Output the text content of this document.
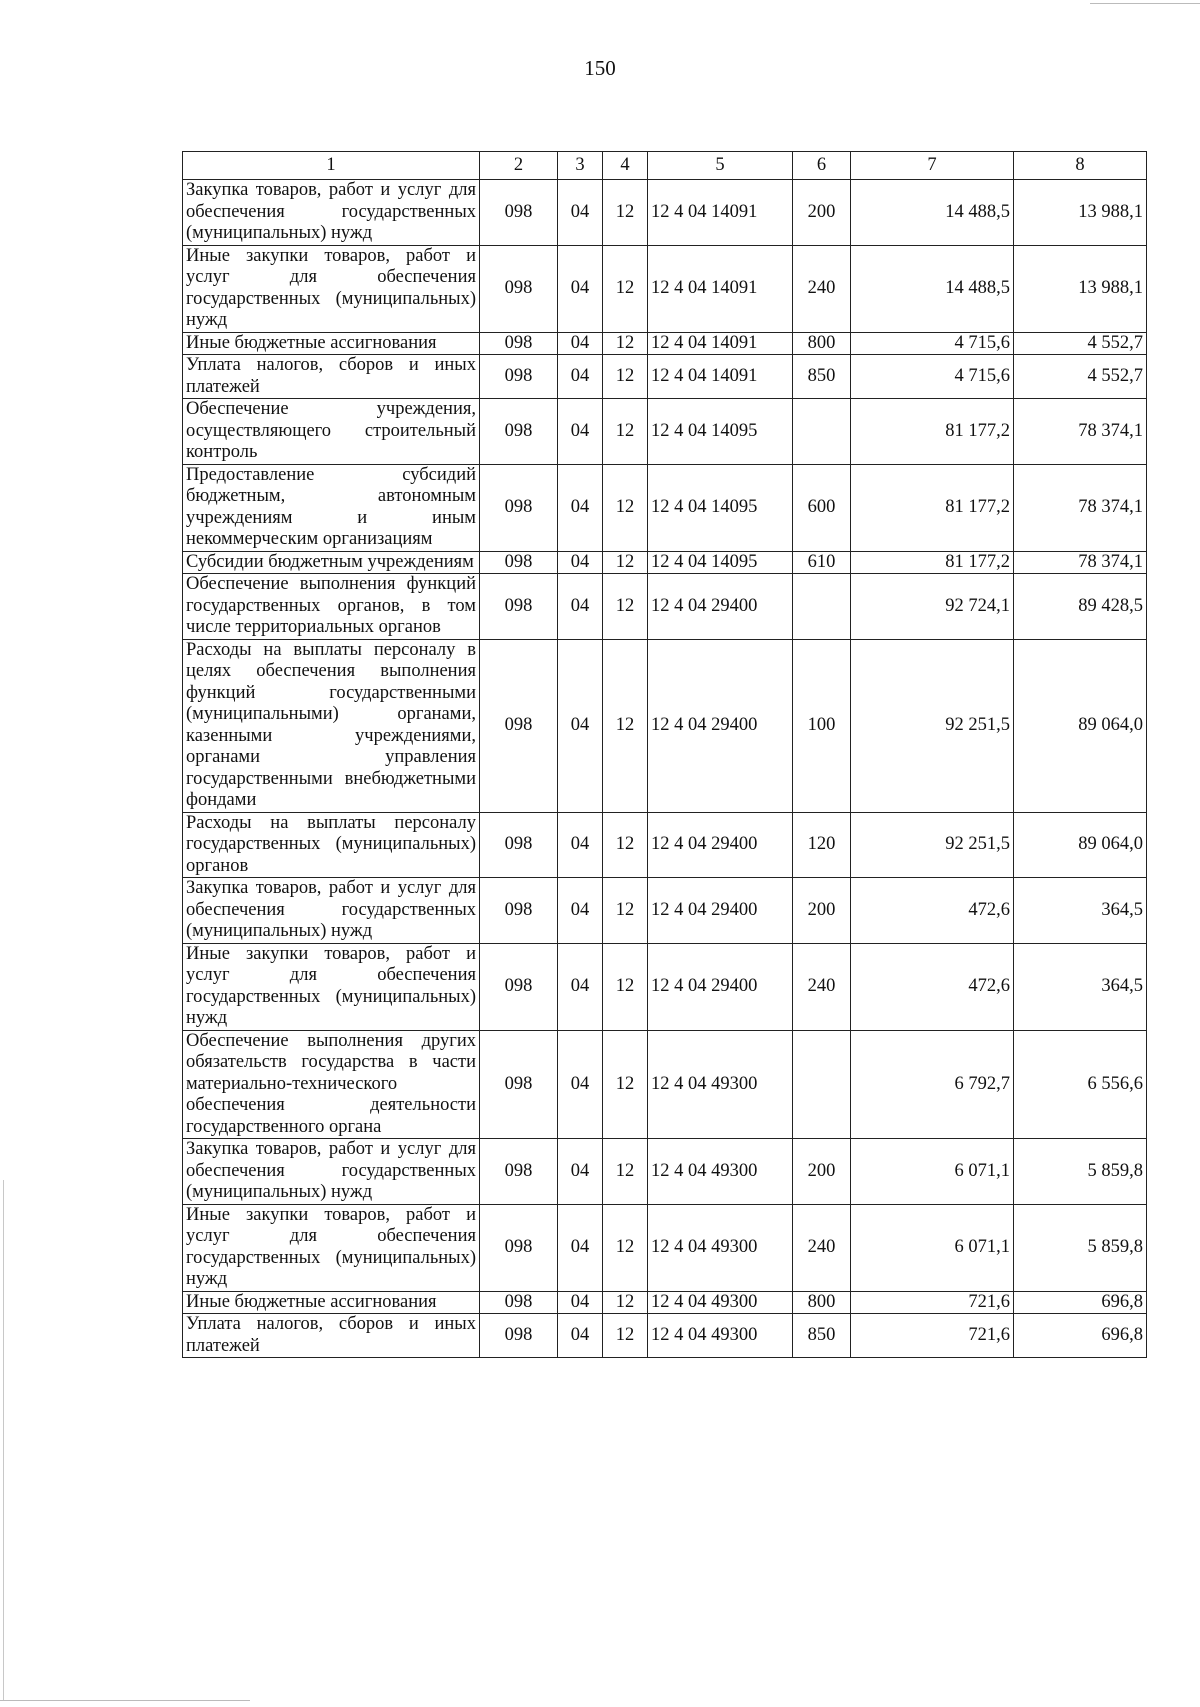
150
1	2	3	4	5	6	7	8
Закупка товаров, работ и услуг для обеспечения государственных (муниципальных) нужд	098	04	12	12 4 04 14091	200	14 488,5	13 988,1
Иные закупки товаров, работ и услуг для обеспечения государственных (муниципальных) нужд	098	04	12	12 4 04 14091	240	14 488,5	13 988,1
Иные бюджетные ассигнования	098	04	12	12 4 04 14091	800	4 715,6	4 552,7
Уплата налогов, сборов и иных платежей	098	04	12	12 4 04 14091	850	4 715,6	4 552,7
Обеспечение учреждения, осуществляющего строительный контроль	098	04	12	12 4 04 14095		81 177,2	78 374,1
Предоставление субсидий бюджетным, автономным учреждениям и иным некоммерческим организациям	098	04	12	12 4 04 14095	600	81 177,2	78 374,1
Субсидии бюджетным учреждениям	098	04	12	12 4 04 14095	610	81 177,2	78 374,1
Обеспечение выполнения функций государственных органов, в том числе территориальных органов	098	04	12	12 4 04 29400		92 724,1	89 428,5
Расходы на выплаты персоналу в целях обеспечения выполнения функций государственными (муниципальными) органами, казенными учреждениями, органами управления государственными внебюджетными фондами	098	04	12	12 4 04 29400	100	92 251,5	89 064,0
Расходы на выплаты персоналу государственных (муниципальных) органов	098	04	12	12 4 04 29400	120	92 251,5	89 064,0
Закупка товаров, работ и услуг для обеспечения государственных (муниципальных) нужд	098	04	12	12 4 04 29400	200	472,6	364,5
Иные закупки товаров, работ и услуг для обеспечения государственных (муниципальных) нужд	098	04	12	12 4 04 29400	240	472,6	364,5
Обеспечение выполнения других обязательств государства в части материально-технического обеспечения деятельности государственного органа	098	04	12	12 4 04 49300		6 792,7	6 556,6
Закупка товаров, работ и услуг для обеспечения государственных (муниципальных) нужд	098	04	12	12 4 04 49300	200	6 071,1	5 859,8
Иные закупки товаров, работ и услуг для обеспечения государственных (муниципальных) нужд	098	04	12	12 4 04 49300	240	6 071,1	5 859,8
Иные бюджетные ассигнования	098	04	12	12 4 04 49300	800	721,6	696,8
Уплата налогов, сборов и иных платежей	098	04	12	12 4 04 49300	850	721,6	696,8
